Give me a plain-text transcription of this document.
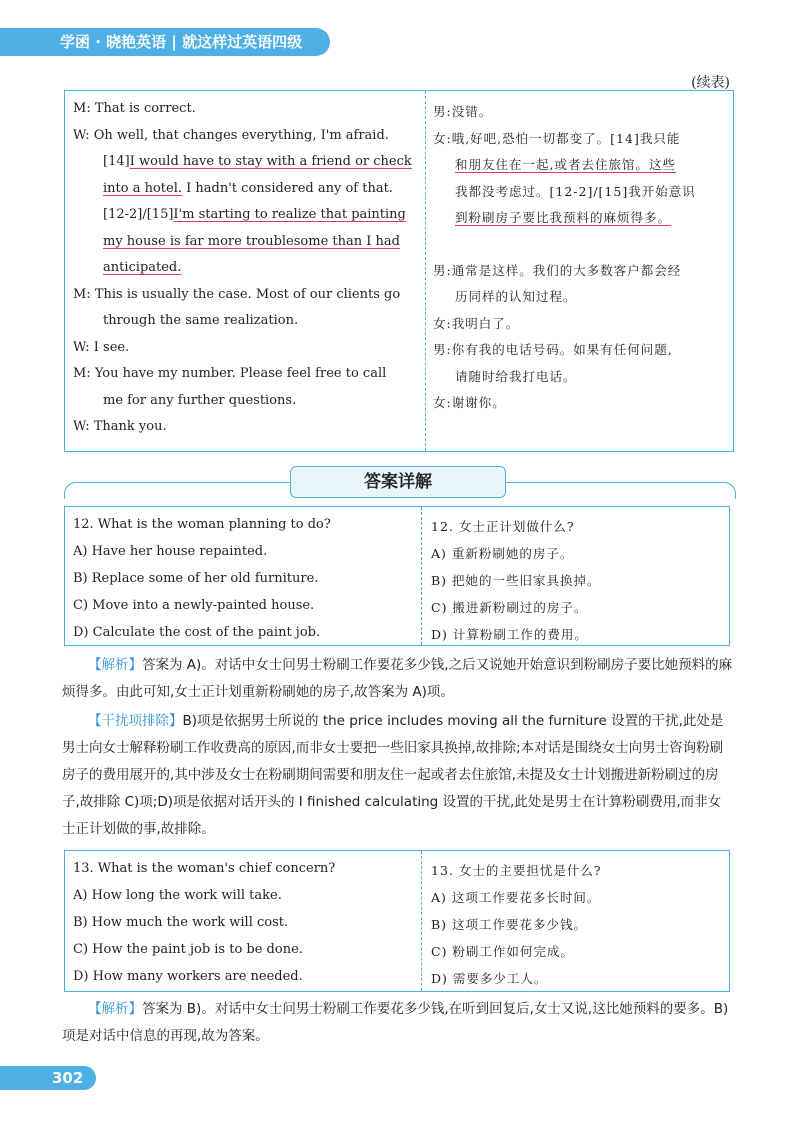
学函 · 晓艳英语 | 就这样过英语四级
(续表)
M: That is correct.
W: Oh well, that changes everything, I'm afraid.
[14]I would have to stay with a friend or check
into a hotel. I hadn't considered any of that.
[12-2]/[15]I'm starting to realize that painting
my house is far more troublesome than I had
anticipated.
M: This is usually the case. Most of our clients go
through the same realization.
W: I see.
M: You have my number. Please feel free to call
me for any further questions.
W: Thank you.
男:没错。
女:哦,好吧,恐怕一切都变了。[14]我只能
和朋友住在一起,或者去住旅馆。这些
我都没考虑过。[12-2]/[15]我开始意识
到粉刷房子要比我预料的麻烦得多。
男:通常是这样。我们的大多数客户都会经
历同样的认知过程。
女:我明白了。
男:你有我的电话号码。如果有任何问题,
请随时给我打电话。
女:谢谢你。
答案详解
12. What is the woman planning to do?
A) Have her house repainted.
B) Replace some of her old furniture.
C) Move into a newly-painted house.
D) Calculate the cost of the paint job.
12. 女士正计划做什么?
A) 重新粉刷她的房子。
B) 把她的一些旧家具换掉。
C) 搬进新粉刷过的房子。
D) 计算粉刷工作的费用。
【解析】答案为 A)。对话中女士问男士粉刷工作要花多少钱,之后又说她开始意识到粉刷房子要比她预料的麻烦得多。由此可知,女士正计划重新粉刷她的房子,故答案为 A)项。
【干扰项排除】B)项是依据男士所说的 the price includes moving all the furniture 设置的干扰,此处是男士向女士解释粉刷工作收费高的原因,而非女士要把一些旧家具换掉,故排除;本对话是围绕女士向男士咨询粉刷房子的费用展开的,其中涉及女士在粉刷期间需要和朋友住一起或者去住旅馆,未提及女士计划搬进新粉刷过的房子,故排除 C)项;D)项是依据对话开头的 I finished calculating 设置的干扰,此处是男士在计算粉刷费用,而非女士正计划做的事,故排除。
13. What is the woman's chief concern?
A) How long the work will take.
B) How much the work will cost.
C) How the paint job is to be done.
D) How many workers are needed.
13. 女士的主要担忧是什么?
A) 这项工作要花多长时间。
B) 这项工作要花多少钱。
C) 粉刷工作如何完成。
D) 需要多少工人。
【解析】答案为 B)。对话中女士问男士粉刷工作要花多少钱,在听到回复后,女士又说,这比她预料的要多。B)项是对话中信息的再现,故为答案。
302
